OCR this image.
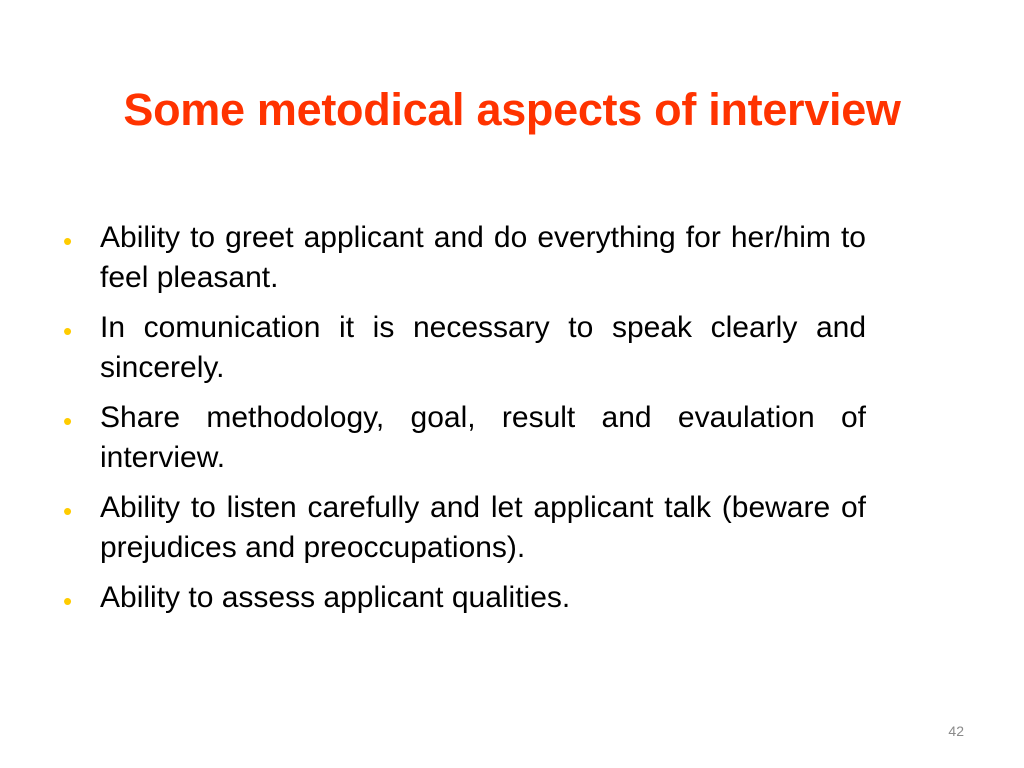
Some metodical aspects of interview
• Ability to greet applicant and do everything for her/him to feel pleasant.
• In comunication it is necessary to speak clearly and sincerely.
• Share methodology, goal, result and evaulation of interview.
• Ability to listen carefully and let applicant talk (beware of prejudices and preoccupations).
• Ability to assess applicant qualities.
42
